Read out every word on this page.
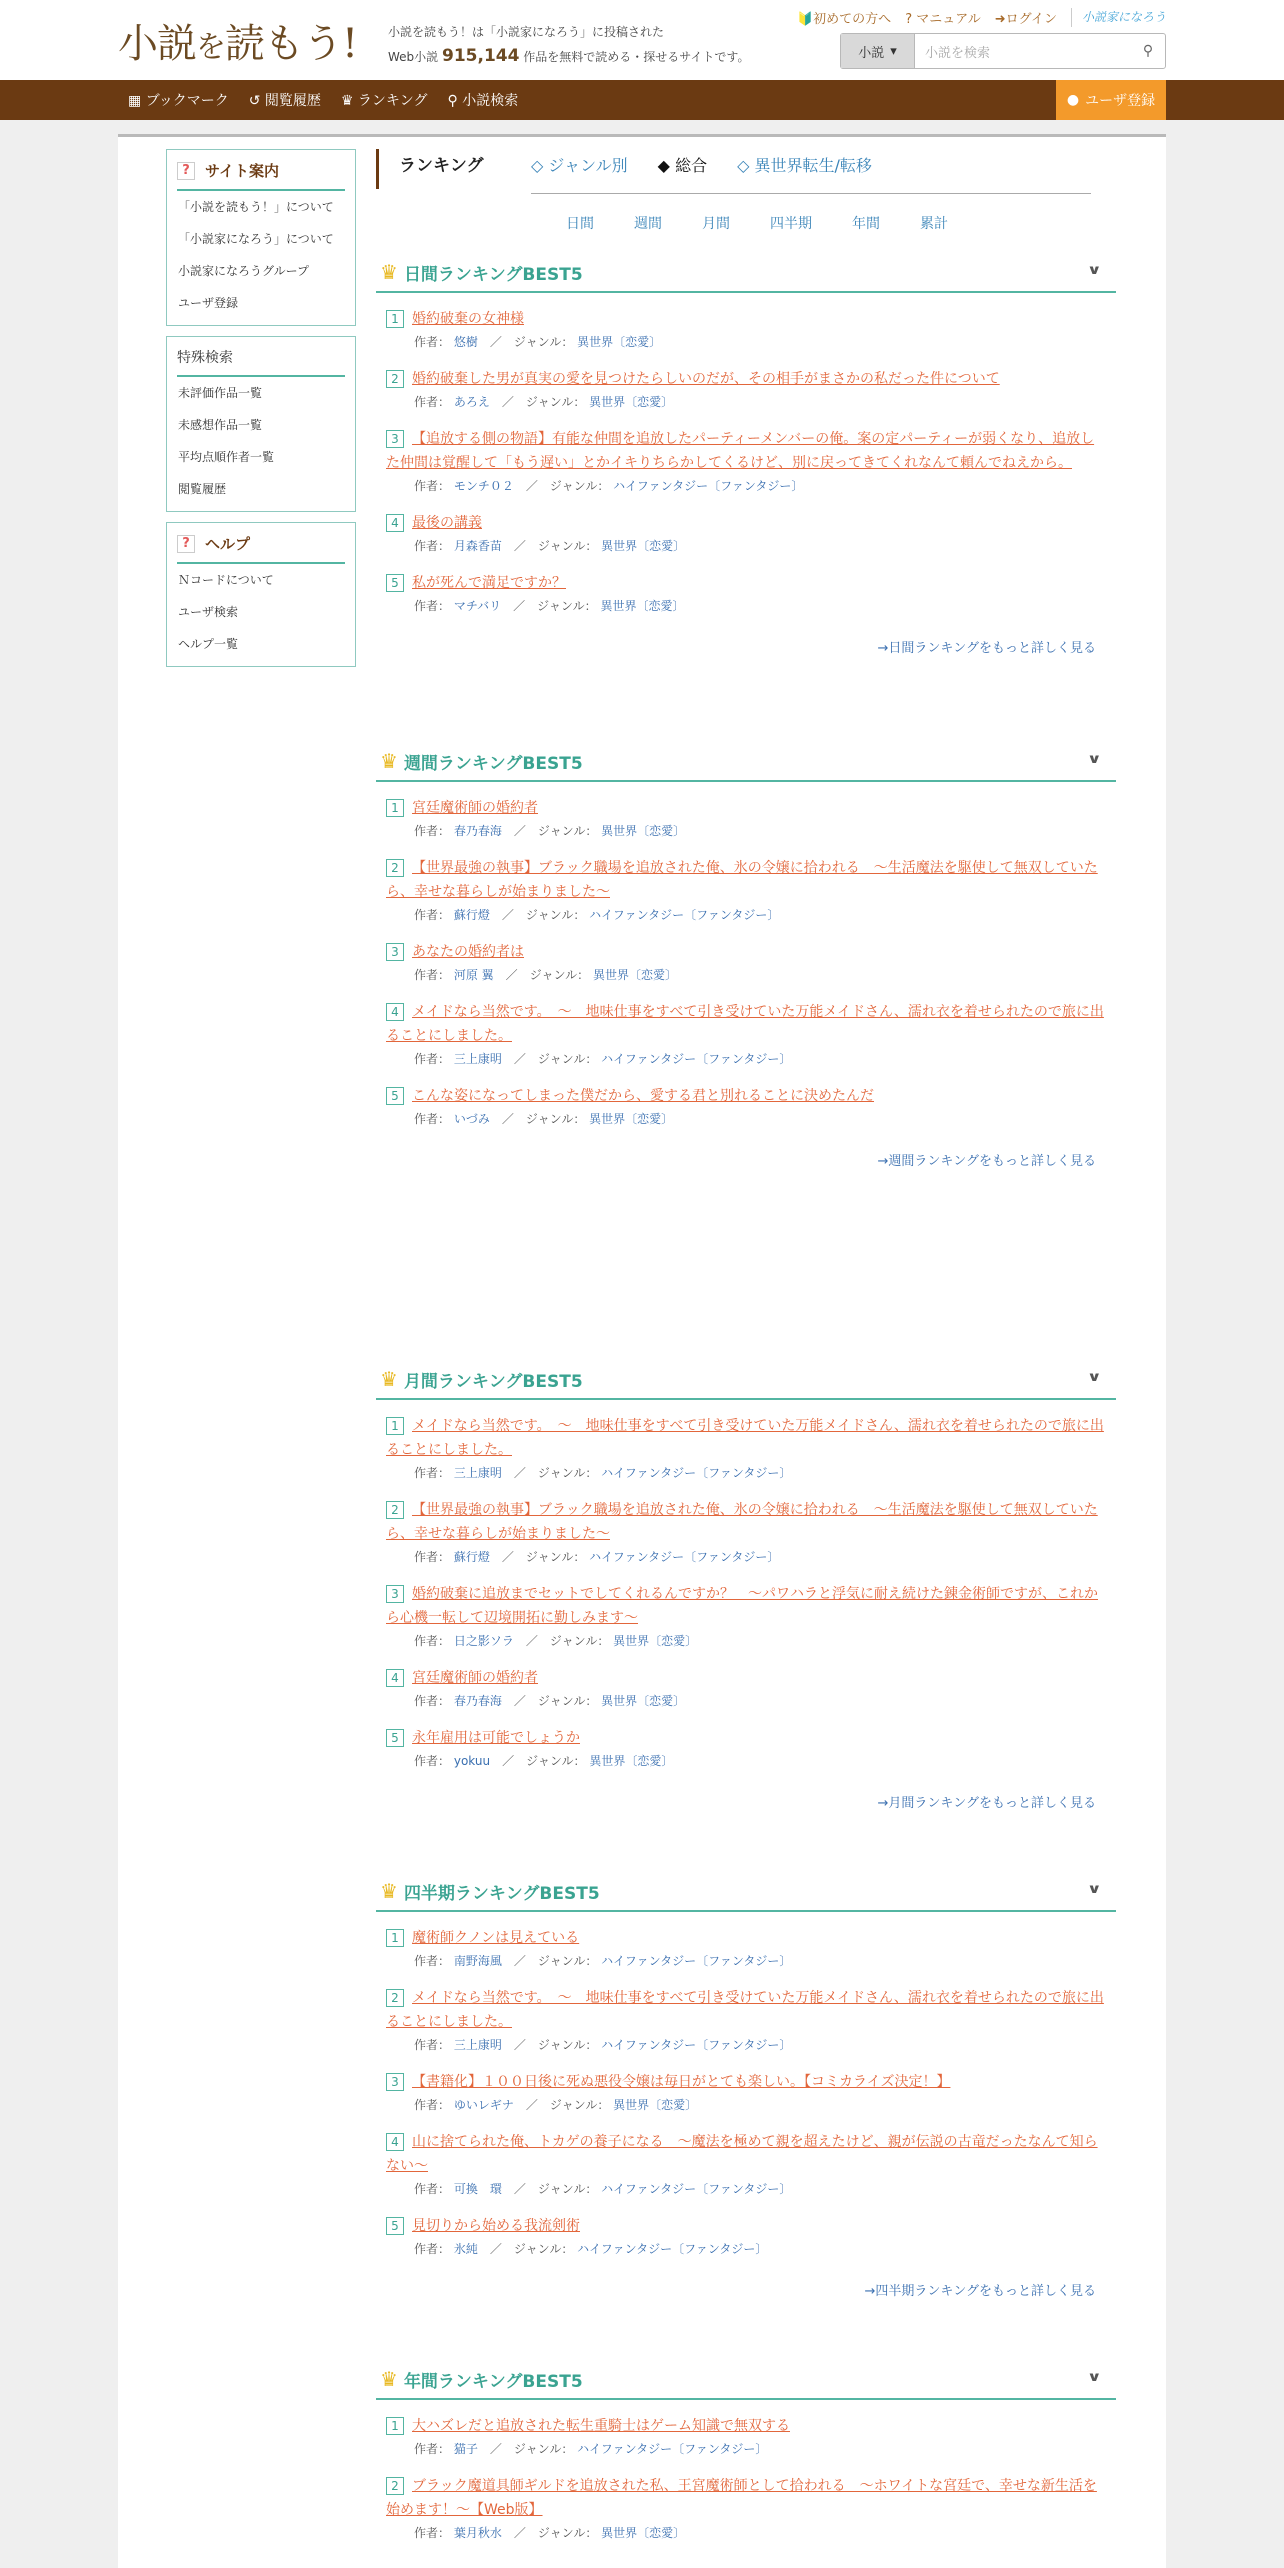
小説を読もう!	小説を読もう！は「小説家になろう」に投稿された
Web小説 915,144 作品を無料で読める・探せるサイトです。
🔰初めての方へ ? マニュアル ➜ログイン	小説家になろう
小説 ▾	小説を検索	⚲
▦ ブックマーク ↺ 閲覧履歴 ♛ ランキング ⚲ 小説検索	● ユーザ登録
?	サイト案内
「小説を読もう！」について
「小説家になろう」について
小説家になろうグループ
ユーザ登録
特殊検索
未評価作品一覧
未感想作品一覧
平均点順作者一覧
閲覧履歴
?	ヘルプ
Ｎコードについて
ユーザ検索
ヘルプ一覧
ランキング	◇ ジャンル別 ◆ 総合 ◇ 異世界転生/転移
日間	週間	月間	四半期	年間	累計
♛ 日間ランキングBEST5	∨
1 婚約破棄の女神様
作者： 悠樹　／　ジャンル： 異世界〔恋愛〕
2 婚約破棄した男が真実の愛を見つけたらしいのだが、その相手がまさかの私だった件について
作者： あろえ　／　ジャンル： 異世界〔恋愛〕
3 【追放する側の物語】有能な仲間を追放したパーティーメンバーの俺。案の定パーティーが弱くなり、追放した仲間は覚醒して「もう遅い」とかイキりちらかしてくるけど、別に戻ってきてくれなんて頼んでねえから。
作者： モンチ０２　／　ジャンル： ハイファンタジー〔ファンタジー〕
4 最後の講義
作者： 月森香苗　／　ジャンル： 異世界〔恋愛〕
5 私が死んで満足ですか？
作者： マチバリ　／　ジャンル： 異世界〔恋愛〕
→日間ランキングをもっと詳しく見る
♛ 週間ランキングBEST5	∨
1 宮廷魔術師の婚約者
作者： 春乃春海　／　ジャンル： 異世界〔恋愛〕
2 【世界最強の執事】ブラック職場を追放された俺、氷の令嬢に拾われる　～生活魔法を駆使して無双していたら、幸せな暮らしが始まりました～
作者： 蘇行燈　／　ジャンル： ハイファンタジー〔ファンタジー〕
3 あなたの婚約者は
作者： 河原 翼　／　ジャンル： 異世界〔恋愛〕
4 メイドなら当然です。　～　地味仕事をすべて引き受けていた万能メイドさん、濡れ衣を着せられたので旅に出ることにしました。
作者： 三上康明　／　ジャンル： ハイファンタジー〔ファンタジー〕
5 こんな姿になってしまった僕だから、愛する君と別れることに決めたんだ
作者： いづみ　／　ジャンル： 異世界〔恋愛〕
→週間ランキングをもっと詳しく見る
♛ 月間ランキングBEST5	∨
1 メイドなら当然です。　～　地味仕事をすべて引き受けていた万能メイドさん、濡れ衣を着せられたので旅に出ることにしました。
作者： 三上康明　／　ジャンル： ハイファンタジー〔ファンタジー〕
2 【世界最強の執事】ブラック職場を追放された俺、氷の令嬢に拾われる　～生活魔法を駆使して無双していたら、幸せな暮らしが始まりました～
作者： 蘇行燈　／　ジャンル： ハイファンタジー〔ファンタジー〕
3 婚約破棄に追放までセットでしてくれるんですか？　～パワハラと浮気に耐え続けた錬金術師ですが、これから心機一転して辺境開拓に勤しみます～
作者： 日之影ソラ　／　ジャンル： 異世界〔恋愛〕
4 宮廷魔術師の婚約者
作者： 春乃春海　／　ジャンル： 異世界〔恋愛〕
5 永年雇用は可能でしょうか
作者： yokuu　／　ジャンル： 異世界〔恋愛〕
→月間ランキングをもっと詳しく見る
♛ 四半期ランキングBEST5	∨
1 魔術師クノンは見えている
作者： 南野海風　／　ジャンル： ハイファンタジー〔ファンタジー〕
2 メイドなら当然です。　～　地味仕事をすべて引き受けていた万能メイドさん、濡れ衣を着せられたので旅に出ることにしました。
作者： 三上康明　／　ジャンル： ハイファンタジー〔ファンタジー〕
3 【書籍化】１００日後に死ぬ悪役令嬢は毎日がとても楽しい。【コミカライズ決定！】
作者： ゆいレギナ　／　ジャンル： 異世界〔恋愛〕
4 山に捨てられた俺、トカゲの養子になる　〜魔法を極めて親を超えたけど、親が伝説の古竜だったなんて知らない〜
作者： 可換　環　／　ジャンル： ハイファンタジー〔ファンタジー〕
5 見切りから始める我流剣術
作者： 氷純　／　ジャンル： ハイファンタジー〔ファンタジー〕
→四半期ランキングをもっと詳しく見る
♛ 年間ランキングBEST5	∨
1 大ハズレだと追放された転生重騎士はゲーム知識で無双する
作者： 猫子　／　ジャンル： ハイファンタジー〔ファンタジー〕
2 ブラック魔道具師ギルドを追放された私、王宮魔術師として拾われる　～ホワイトな宮廷で、幸せな新生活を始めます！～【Web版】
作者： 葉月秋水　／　ジャンル： 異世界〔恋愛〕
